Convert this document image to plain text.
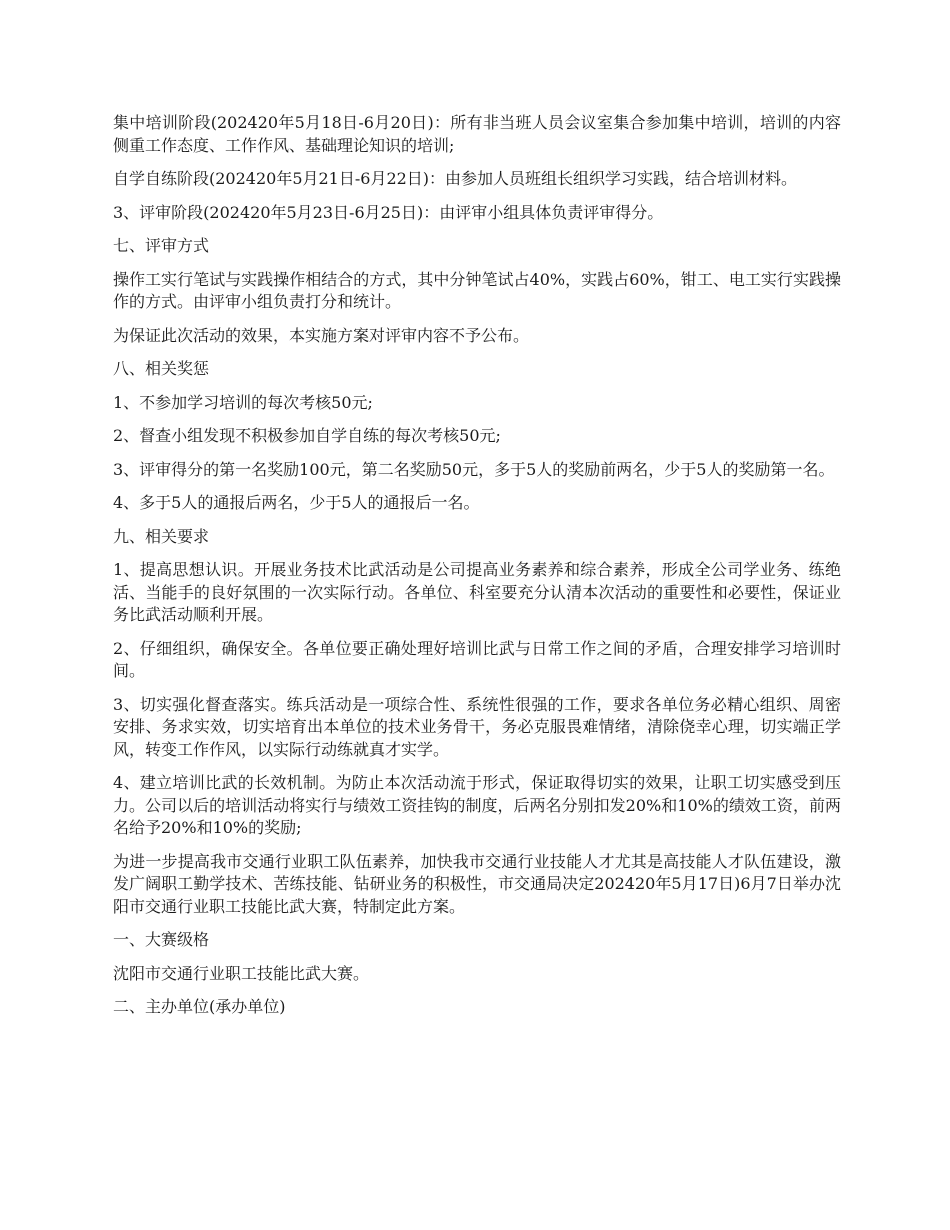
集中培训阶段(202420年5月18日-6月20日)：所有非当班人员会议室集合参加集中培训，培训的内容侧重工作态度、工作作风、基础理论知识的培训;

自学自练阶段(202420年5月21日-6月22日)：由参加人员班组长组织学习实践，结合培训材料。

3、评审阶段(202420年5月23日-6月25日)：由评审小组具体负责评审得分。

七、评审方式

操作工实行笔试与实践操作相结合的方式，其中分钟笔试占40%，实践占60%，钳工、电工实行实践操作的方式。由评审小组负责打分和统计。

为保证此次活动的效果，本实施方案对评审内容不予公布。

八、相关奖惩

1、不参加学习培训的每次考核50元;

2、督查小组发现不积极参加自学自练的每次考核50元;

3、评审得分的第一名奖励100元，第二名奖励50元，多于5人的奖励前两名，少于5人的奖励第一名。

4、多于5人的通报后两名，少于5人的通报后一名。

九、相关要求

1、提高思想认识。开展业务技术比武活动是公司提高业务素养和综合素养，形成全公司学业务、练绝活、当能手的良好氛围的一次实际行动。各单位、科室要充分认清本次活动的重要性和必要性，保证业务比武活动顺利开展。

2、仔细组织，确保安全。各单位要正确处理好培训比武与日常工作之间的矛盾，合理安排学习培训时间。

3、切实强化督查落实。练兵活动是一项综合性、系统性很强的工作，要求各单位务必精心组织、周密安排、务求实效，切实培育出本单位的技术业务骨干，务必克服畏难情绪，清除侥幸心理，切实端正学风，转变工作作风，以实际行动练就真才实学。

4、建立培训比武的长效机制。为防止本次活动流于形式，保证取得切实的效果，让职工切实感受到压力。公司以后的培训活动将实行与绩效工资挂钩的制度，后两名分别扣发20%和10%的绩效工资，前两名给予20%和10%的奖励;

为进一步提高我市交通行业职工队伍素养，加快我市交通行业技能人才尤其是高技能人才队伍建设，激发广阔职工勤学技术、苦练技能、钻研业务的积极性，市交通局决定202420年5月17日)6月7日举办沈阳市交通行业职工技能比武大赛，特制定此方案。

一、大赛级格

沈阳市交通行业职工技能比武大赛。

二、主办单位(承办单位)
